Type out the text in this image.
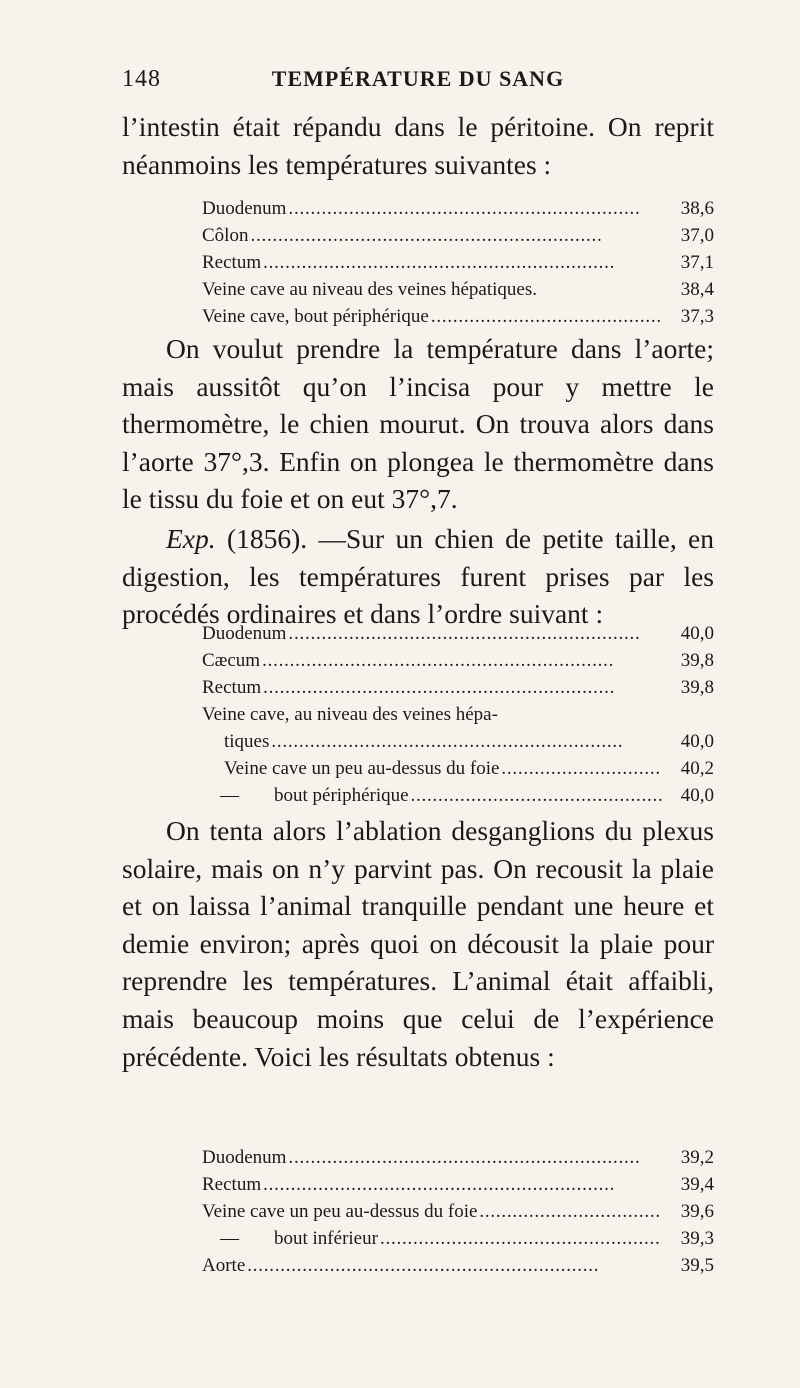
148	TEMPÉRATURE DU SANG

l’intestin était répandu dans le péritoine. On reprit néanmoins les températures suivantes :

Duodenum . . .	38,6
Côlon . . .	37,0
Rectum . . .	37,1
Veine cave au niveau des veines hépatiques.	38,4
Veine cave, bout périphérique . . .	37,3

On voulut prendre la température dans l’aorte; mais aussitôt qu’on l’incisa pour y mettre le thermomètre, le chien mourut. On trouva alors dans l’aorte 37°,3. Enfin on plongea le thermomètre dans le tissu du foie et on eut 37°,7.

Exp. (1856). —Sur un chien de petite taille, en digestion, les températures furent prises par les procédés ordinaires et dans l’ordre suivant :

Duodenum . . .	40,0
Cæcum . . .	39,8
Rectum . . .	39,8
Veine cave, au niveau des veines hépa-
tiques . . .	40,0
Veine cave un peu au-dessus du foie . . .	40,2
— bout périphérique . . .	40,0

On tenta alors l’ablation desganglions du plexus solaire, mais on n’y parvint pas. On recousit la plaie et on laissa l’animal tranquille pendant une heure et demie environ; après quoi on décousit la plaie pour reprendre les températures. L’animal était affaibli, mais beaucoup moins que celui de l’expérience précédente. Voici les résultats obtenus :

Duodenum . . .	39,2
Rectum . . .	39,4
Veine cave un peu au-dessus du foie . . .	39,6
— bout inférieur . . .	39,3
Aorte . . .	39,5
